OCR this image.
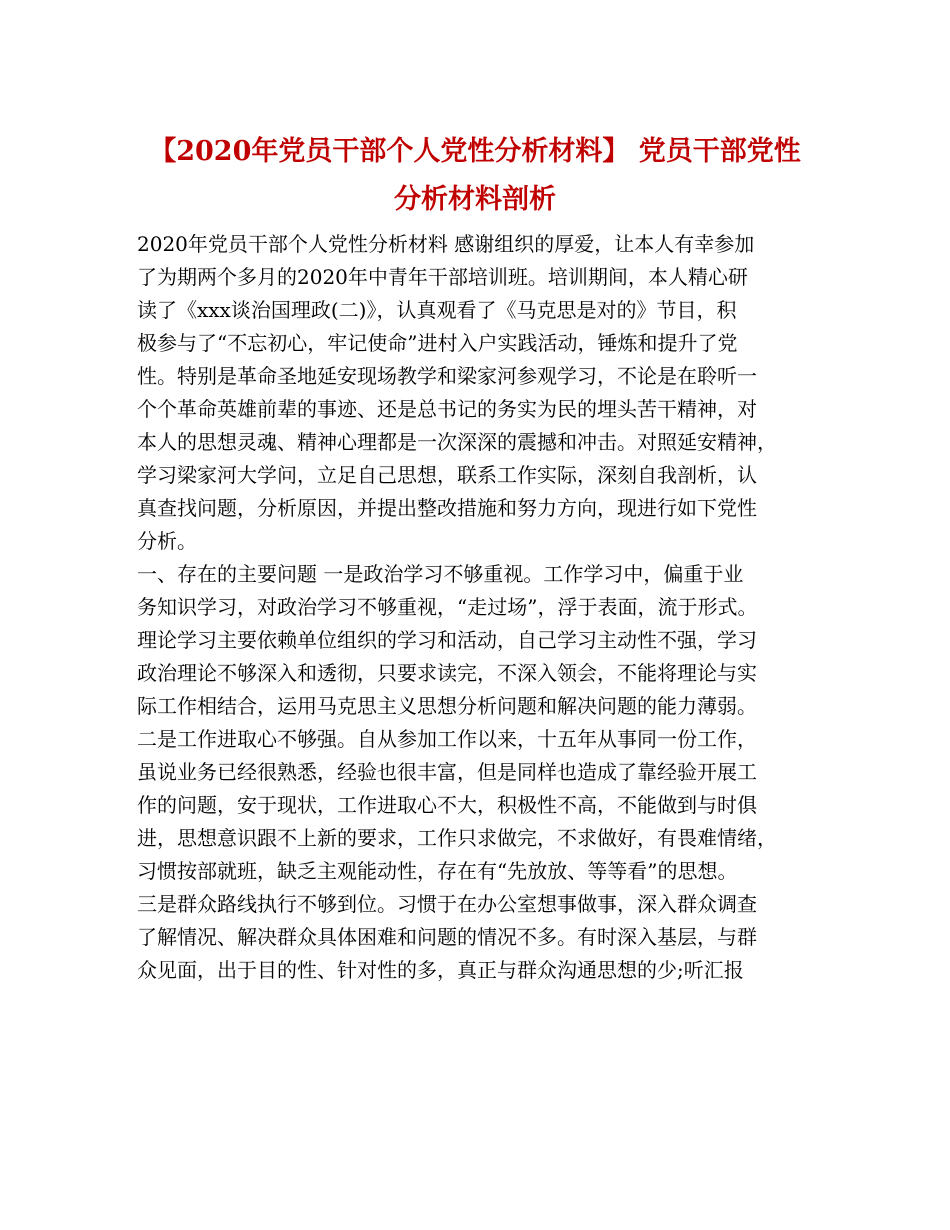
【2020年党员干部个人党性分析材料】 党员干部党性
分析材料剖析
2020年党员干部个人党性分析材料 感谢组织的厚爱，让本人有幸参加
了为期两个多月的2020年中青年干部培训班。培训期间，本人精心研
读了《xxx谈治国理政(二)》，认真观看了《马克思是对的》节目，积
极参与了“不忘初心，牢记使命”进村入户实践活动，锤炼和提升了党
性。特别是革命圣地延安现场教学和梁家河参观学习，不论是在聆听一
个个革命英雄前辈的事迹、还是总书记的务实为民的埋头苦干精神，对
本人的思想灵魂、精神心理都是一次深深的震撼和冲击。对照延安精神，
学习梁家河大学问，立足自己思想，联系工作实际，深刻自我剖析，认
真查找问题，分析原因，并提出整改措施和努力方向，现进行如下党性
分析。
一、存在的主要问题 一是政治学习不够重视。工作学习中，偏重于业
务知识学习，对政治学习不够重视，“走过场”，浮于表面，流于形式。
理论学习主要依赖单位组织的学习和活动，自己学习主动性不强，学习
政治理论不够深入和透彻，只要求读完，不深入领会，不能将理论与实
际工作相结合，运用马克思主义思想分析问题和解决问题的能力薄弱。
二是工作进取心不够强。自从参加工作以来，十五年从事同一份工作，
虽说业务已经很熟悉，经验也很丰富，但是同样也造成了靠经验开展工
作的问题，安于现状，工作进取心不大，积极性不高，不能做到与时俱
进，思想意识跟不上新的要求，工作只求做完，不求做好，有畏难情绪，
习惯按部就班，缺乏主观能动性，存在有“先放放、等等看”的思想。
三是群众路线执行不够到位。习惯于在办公室想事做事，深入群众调查
了解情况、解决群众具体困难和问题的情况不多。有时深入基层，与群
众见面，出于目的性、针对性的多，真正与群众沟通思想的少;听汇报
